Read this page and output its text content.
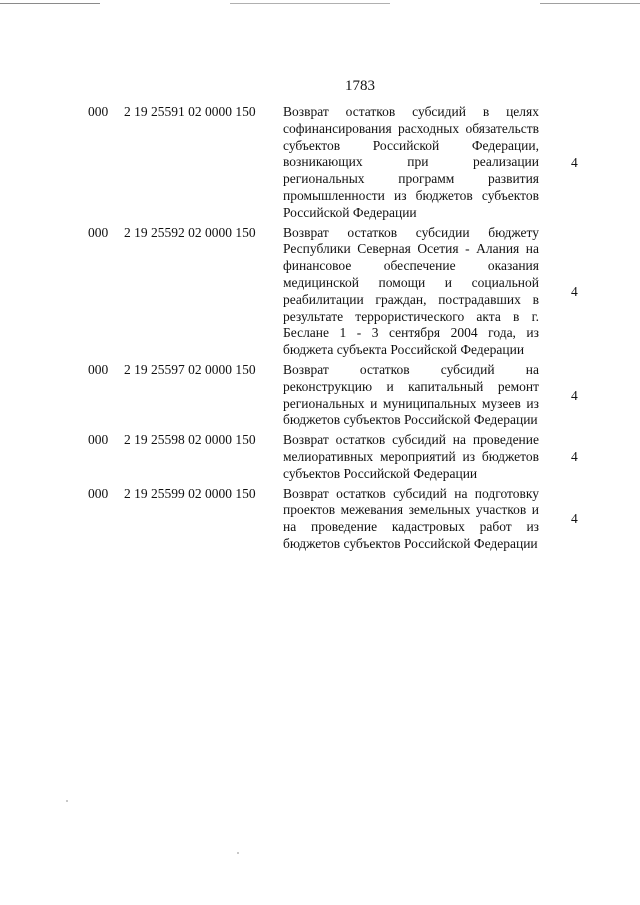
1783
000 2 19 25591 02 0000 150 Возврат остатков субсидий в целях софинансирования расходных обязательств субъектов Российской Федерации, возникающих при реализации региональных программ развития промышленности из бюджетов субъектов Российской Федерации
4
000 2 19 25592 02 0000 150 Возврат остатков субсидии бюджету Республики Северная Осетия - Алания на финансовое обеспечение оказания медицинской помощи и социальной реабилитации граждан, пострадавших в результате террористического акта в г. Беслане 1 - 3 сентября 2004 года, из бюджета субъекта Российской Федерации
4
000 2 19 25597 02 0000 150 Возврат остатков субсидий на реконструкцию и капитальный ремонт региональных и муниципальных музеев из бюджетов субъектов Российской Федерации
4
000 2 19 25598 02 0000 150 Возврат остатков субсидий на проведение мелиоративных мероприятий из бюджетов субъектов Российской Федерации
4
000 2 19 25599 02 0000 150 Возврат остатков субсидий на подготовку проектов межевания земельных участков и на проведение кадастровых работ из бюджетов субъектов Российской Федерации
4
